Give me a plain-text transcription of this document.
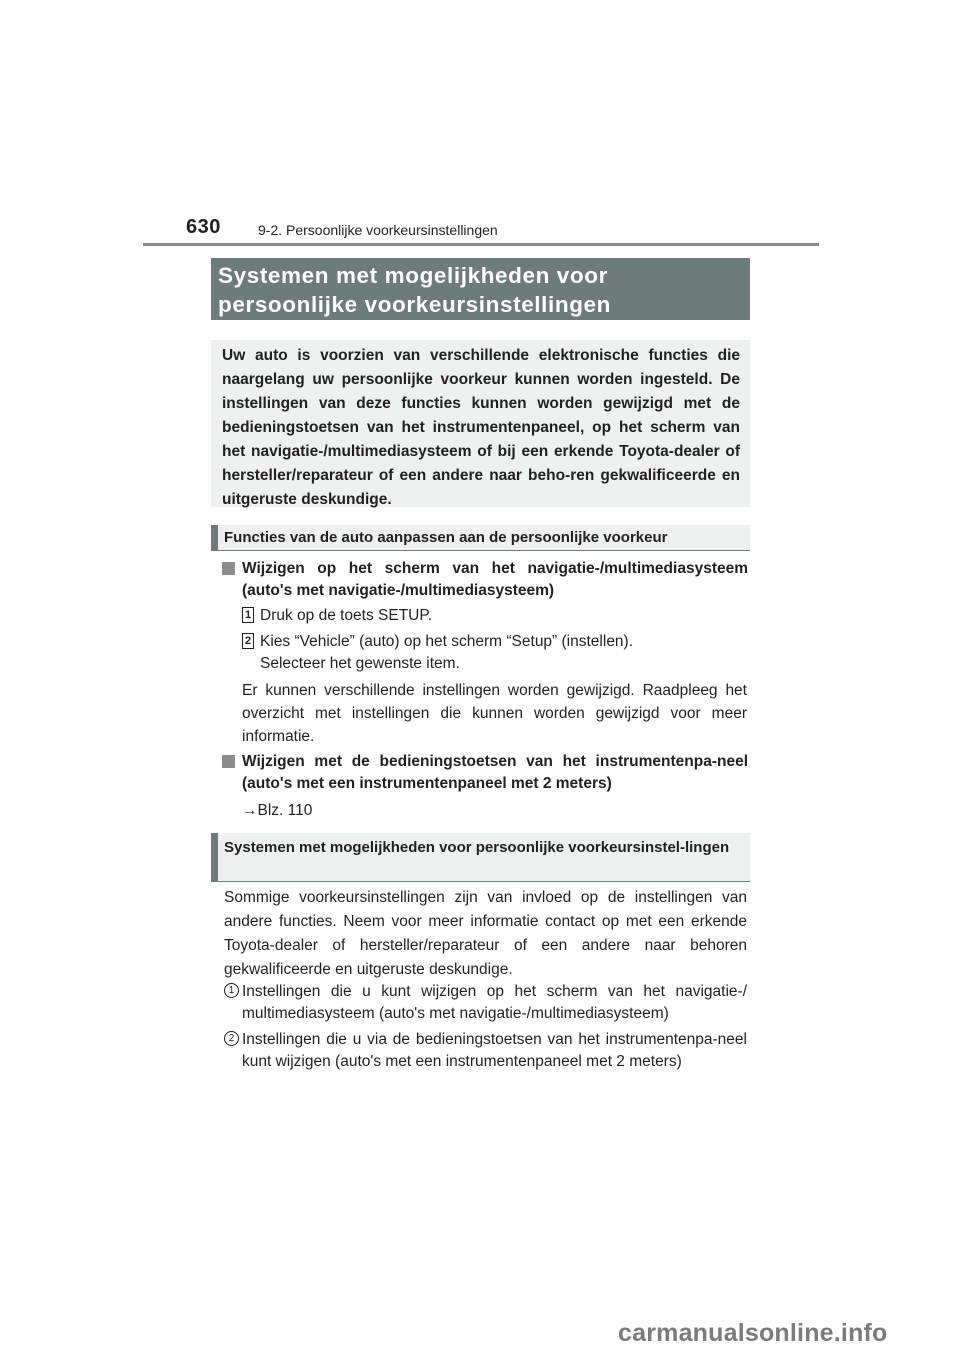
630	9-2. Persoonlijke voorkeursinstellingen
Systemen met mogelijkheden voor persoonlijke voorkeursinstellingen
Uw auto is voorzien van verschillende elektronische functies die naargelang uw persoonlijke voorkeur kunnen worden ingesteld. De instellingen van deze functies kunnen worden gewijzigd met de bedieningstoetsen van het instrumentenpaneel, op het scherm van het navigatie-/multimediasysteem of bij een erkende Toyota-dealer of hersteller/reparateur of een andere naar beho-ren gekwalificeerde en uitgeruste deskundige.
Functies van de auto aanpassen aan de persoonlijke voorkeur
Wijzigen op het scherm van het navigatie-/multimediasysteem (auto's met navigatie-/multimediasysteem)
1 Druk op de toets SETUP.
2 Kies “Vehicle” (auto) op het scherm “Setup” (instellen).
Selecteer het gewenste item.
Er kunnen verschillende instellingen worden gewijzigd. Raadpleeg het overzicht met instellingen die kunnen worden gewijzigd voor meer informatie.
Wijzigen met de bedieningstoetsen van het instrumentenpa-neel (auto's met een instrumentenpaneel met 2 meters)
→Blz. 110
Systemen met mogelijkheden voor persoonlijke voorkeursinstel-lingen
Sommige voorkeursinstellingen zijn van invloed op de instellingen van andere functies. Neem voor meer informatie contact op met een erkende Toyota-dealer of hersteller/reparateur of een andere naar behoren gekwalificeerde en uitgeruste deskundige.
1 Instellingen die u kunt wijzigen op het scherm van het navigatie-/ multimediasysteem (auto's met navigatie-/multimediasysteem)
2 Instellingen die u via de bedieningstoetsen van het instrumentenpa-neel kunt wijzigen (auto's met een instrumentenpaneel met 2 meters)
carmanualsonline.info
